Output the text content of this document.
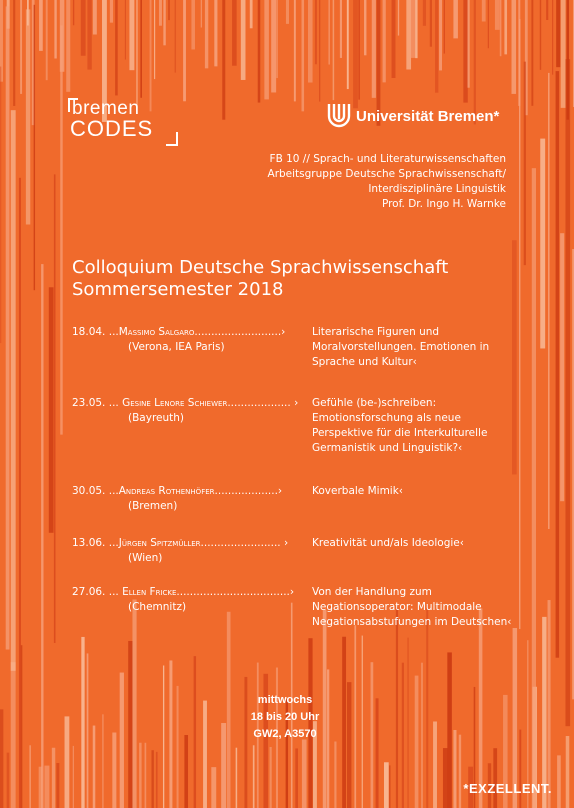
bremen
CODES	Universität Bremen*
FB 10 // Sprach- und Literaturwissenschaften
Arbeitsgruppe Deutsche Sprachwissenschaft/
Interdisziplinäre Linguistik
Prof. Dr. Ingo H. Warnke
Colloquium Deutsche Sprachwissenschaft
Sommersemester 2018
18.04. ...Massimo Salgaro..........................›
(Verona, IEA Paris)
Literarische Figuren und Moralvorstellungen. Emotionen in Sprache und Kultur‹
23.05. ... Gesine Lenore Schiewer................... ›
(Bayreuth)
Gefühle (be-)schreiben: Emotionsforschung als neue Perspektive für die Interkulturelle Germanistik und Linguistik?‹
30.05. ...Andreas Rothenhöfer...................›
(Bremen)
Koverbale Mimik‹
13.06. ...Jürgen Spitzmüller........................ ›
(Wien)
Kreativität und/als Ideologie‹
27.06. ... Ellen Fricke..................................›
(Chemnitz)
Von der Handlung zum Negationsoperator: Multimodale Negationsabstufungen im Deutschen‹
mittwochs
18 bis 20 Uhr
GW2, A3570
*EXZELLENT.
